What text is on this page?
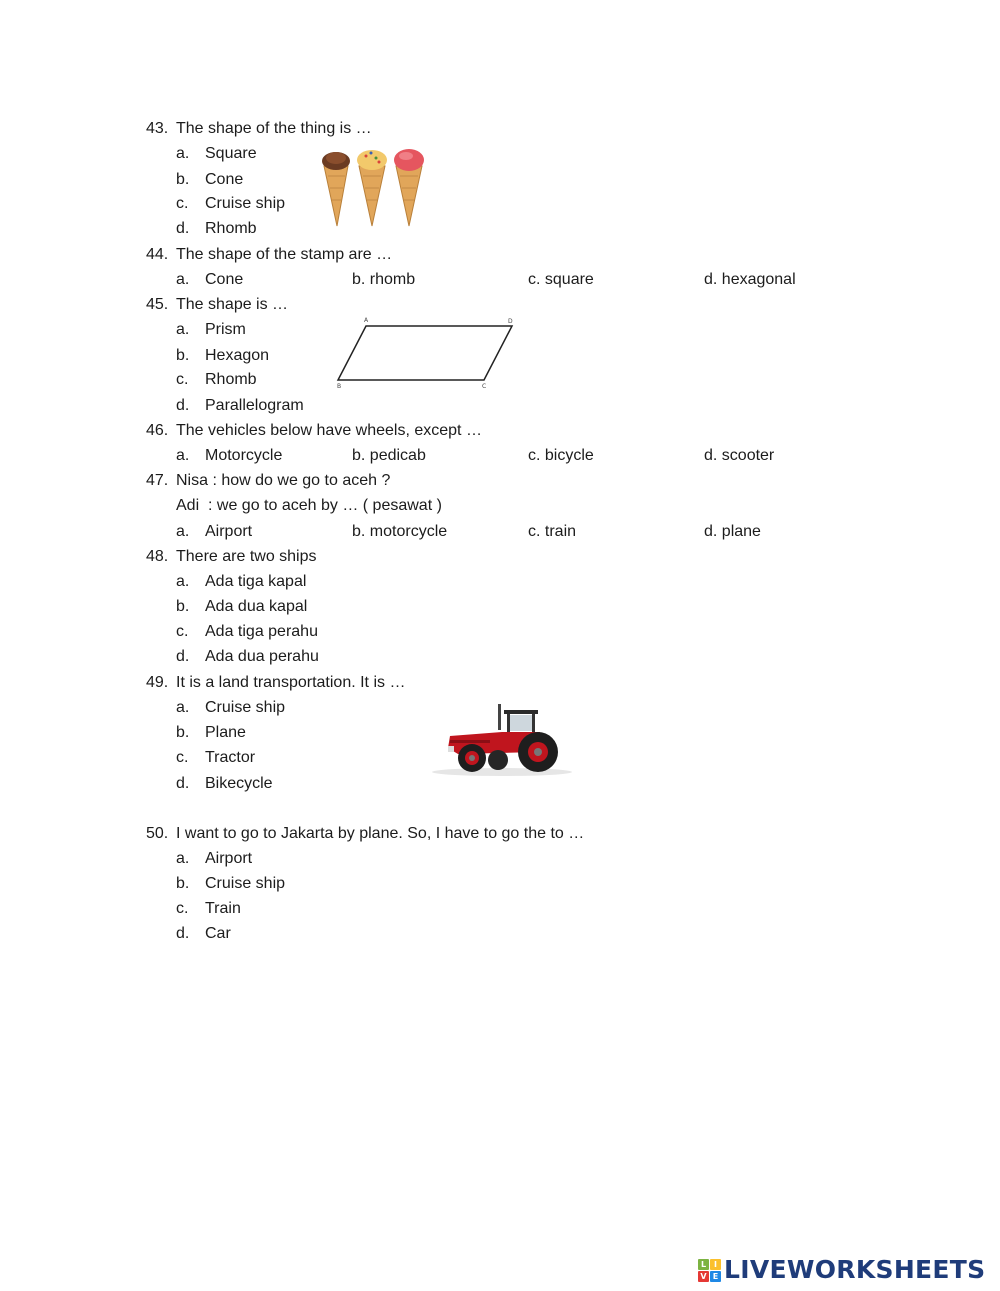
43. The shape of the thing is …
a. Square
b. Cone
c. Cruise ship
d. Rhomb
44. The shape of the stamp are …
a. Cone	b. rhomb	c. square	d. hexagonal
45. The shape is …
a. Prism
b. Hexagon
c. Rhomb
d. Parallelogram
A	D
B	C
46. The vehicles below have wheels, except …
a. Motorcycle	b. pedicab	c. bicycle	d. scooter
47. Nisa : how do we go to aceh ?
Adi  : we go to aceh by … ( pesawat )
a. Airport	b. motorcycle	c. train	d. plane
48. There are two ships
a. Ada tiga kapal
b. Ada dua kapal
c. Ada tiga perahu
d. Ada dua perahu
49. It is a land transportation. It is …
a. Cruise ship
b. Plane
c. Tractor
d. Bikecycle
50. I want to go to Jakarta by plane. So, I have to go the to …
a. Airport
b. Cruise ship
c. Train
d. Car
L I
V E LIVEWORKSHEETS
